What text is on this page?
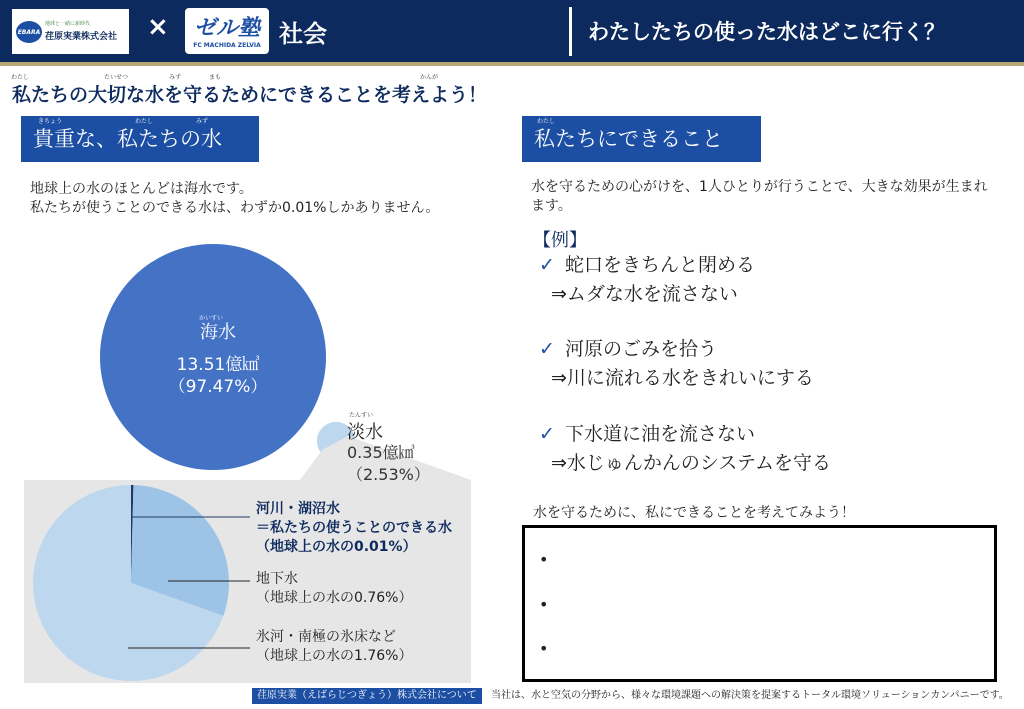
EBARA
地球と一緒に新時代
荏原実業株式会社 ×	ゼル塾
FC MACHIDA ZELVIA 社会	わたしたちの使った水はどこに行く？
わたし	たいせつ	みず	まも	かんが
私たちの大切な水を守るためにできることを考えよう！
きちょう	わたし	みず
貴重な、私たちの水
わたし
私たちにできること
地球上の水のほとんどは海水です。
私たちが使うことのできる水は、わずか0.01%しかありません。
かいすい
海水
13.51億㎦
（97.47%）
たんすい
淡水
0.35億㎦
（2.53%）
河川・湖沼水
＝私たちの使うことのできる水
（地球上の水の0.01%）
地下水
（地球上の水の0.76%）
氷河・南極の氷床など
（地球上の水の1.76%）
水を守るための心がけを、1人ひとりが行うことで、大きな効果が生まれます。
【例】
✓ 蛇口をきちんと閉める
⇒ムダな水を流さない
✓ 河原のごみを拾う
⇒川に流れる水をきれいにする
✓ 下水道に油を流さない
⇒水じゅんかんのシステムを守る
水を守るために、私にできることを考えてみよう！
•
•
•
荏原実業（えばらじつぎょう）株式会社について	当社は、水と空気の分野から、様々な環境課題への解決策を提案するトータル環境ソリューションカンパニーです。
